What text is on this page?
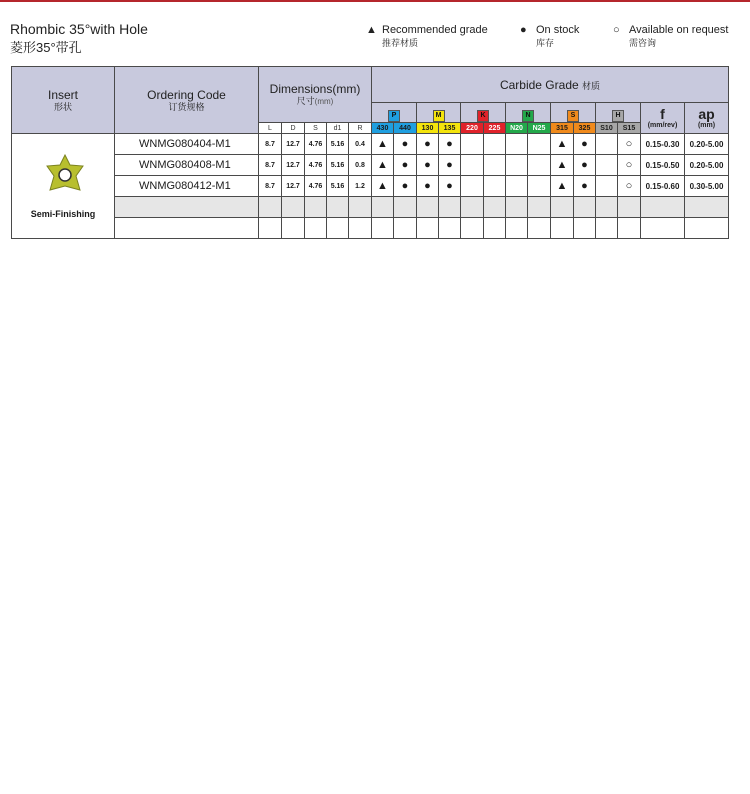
Rhombic 35°with Hole
菱形35°带孔
▲ Recommended grade
推荐材质
● On stock
库存
○ Available on request
需咨询
Insert
形状	Ordering Code
订货规格	Dimensions(mm)
尺寸(mm)					Carbide Grade 材质													
							P		M		K		N		S		H		f
(mm/rev)	ap
(mm)

		L	D	S	d1	R	430	440	130	135	220	225	N20	N25	315	325	S10	S15		

Semi-Finishing	WNMG080404-M1	8.7	12.7	4.76	5.16	0.4	▲	●	●	●					▲	●		○	0.15-0.30	0.20-5.00
	WNMG080408-M1	8.7	12.7	4.76	5.16	0.8	▲	●	●	●					▲	●		○	0.15-0.50	0.20-5.00
	WNMG080412-M1	8.7	12.7	4.76	5.16	1.2	▲	●	●	●					▲	●		○	0.15-0.60	0.30-5.00
